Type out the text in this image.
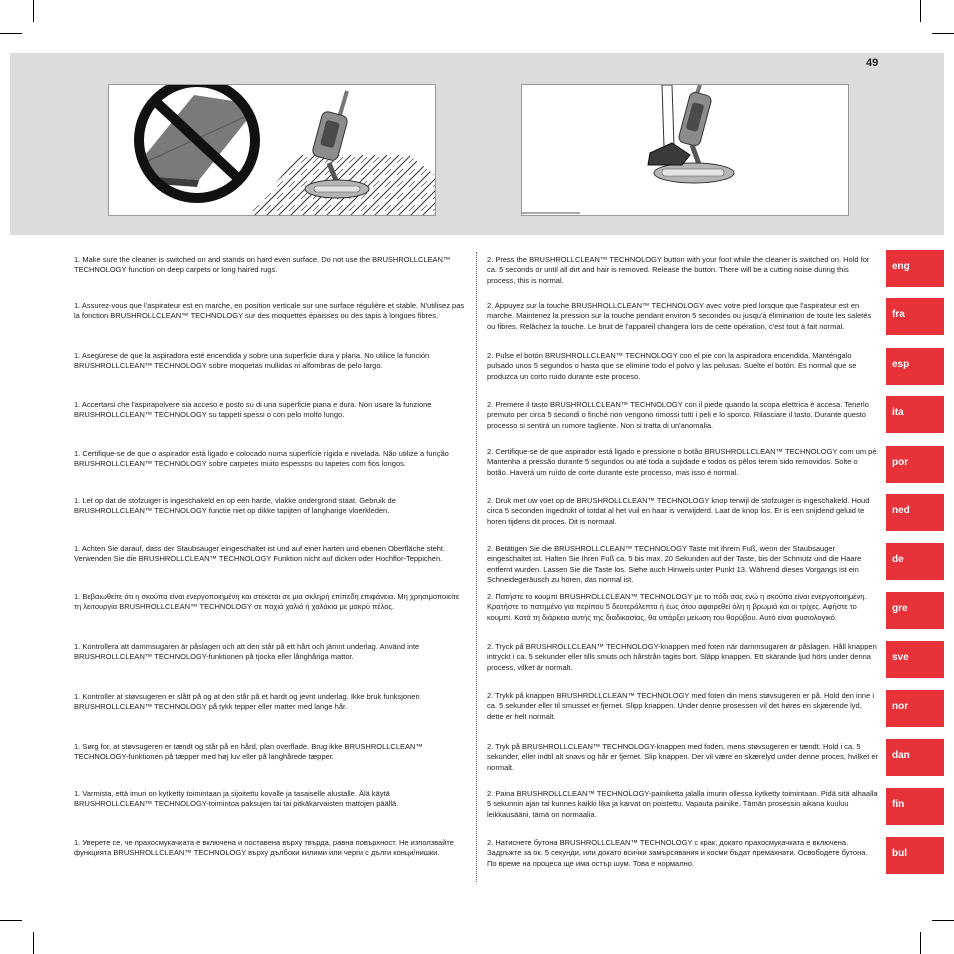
49
1. Make sure the cleaner is switched on and stands on hard even surface. Do not use the BRUSHROLLCLEAN™ TECHNOLOGY function on deep carpets or long haired rugs.
1. Assurez-vous que l'aspirateur est en marche, en position verticale sur une surface régulière et stable. N'utilisez pas la fonction BRUSHROLLCLEAN™ TECHNOLOGY sur des moquettes épaisses ou des tapis à longues fibres.
1. Asegúrese de que la aspiradora esté encendida y sobre una superficie dura y plana. No utilice la función BRUSHROLLCLEAN™ TECHNOLOGY sobre moquetas mullidas ni alfombras de pelo largo.
1. Accertarsi che l'aspirapolvere sia acceso e posto su di una superficie piana e dura. Non usare la funzione BRUSHROLLCLEAN™ TECHNOLOGY su tappeti spessi o con pelo molto lungo.
1. Certifique-se de que o aspirador está ligado e colocado numa superfície rígida e nivelada. Não utilize a função BRUSHROLLCLEAN™ TECHNOLOGY sobre carpetes muito espessos ou tapetes com fios longos.
1. Let op dat de stofzuiger is ingeschakeld en op een harde, vlakke ondergrond staat. Gebruik de BRUSHROLLCLEAN™ TECHNOLOGY functie niet op dikke tapijten of langharige vloerkleden.
1. Achten Sie darauf, dass der Staubsauger eingeschaltet ist und auf einer harten und ebenen Oberfläche steht. Verwenden Sie die BRUSHROLLCLEAN™ TECHNOLOGY Funktion nicht auf dicken oder Hochflor-Teppichen.
1. Βεβαιωθείτε ότι η σκούπα είναι ενεργοποιημένη και στέκεται σε μια σκληρή επίπεδη επιφάνεια. Μη χρησιμοποιείτε τη λειτουργία BRUSHROLLCLEAN™ TECHNOLOGY σε παχιά χαλιά ή χαλάκια με μακρύ πέλος.
1. Kontrollera att dammsugaren är påslagen och att den står på ett hårt och jämnt underlag. Använd inte BRUSHROLLCLEAN™ TECHNOLOGY-funktionen på tjocka eller långhåriga mattor.
1. Kontroller at støvsugeren er slått på og at den står på et hardt og jevnt underlag. Ikke bruk funksjonen BRUSHROLLCLEAN™ TECHNOLOGY på tykk tepper eller matter med lange hår.
1. Sørg for, at støvsugeren er tændt og står på en hård, plan overflade. Brug ikke BRUSHROLLCLEAN™ TECHNOLOGY-funktionen på tæpper med høj luv eller på langhårede tæpper.
1. Varmista, että imuri on kytketty toimintaan ja sijoitettu kovalle ja tasaiselle alustalle. Älä käytä BRUSHROLLCLEAN™ TECHNOLOGY-toimintoa paksujen tai tai pitkäkarvaisten mattojen päällä.
1. Уверете се, че прахосмукачката е включена и поставена върху твърда, равна повърхност. Не използвайте функцията BRUSHROLLCLEAN™ TECHNOLOGY върху дълбоки килими или черги с дълги конци/нишки.
2. Press the BRUSHROLLCLEAN™ TECHNOLOGY button with your foot while the cleaner is switched on. Hold for ca. 5 seconds or until all dirt and hair is removed. Release the button. There will be a cutting noise during this process, this is normal.
2. Appuyez sur la touche BRUSHROLLCLEAN™ TECHNOLOGY avec votre pied lorsque que l'aspirateur est en marche. Maintenez la pression sur la touche pendant environ 5 secondes ou jusqu'à élimination de toute les saletés ou fibres. Relâchez la touche. Le bruit de l'appareil changera lors de cette opération, c'est tout à fait normal.
2. Pulse el botón BRUSHROLLCLEAN™ TECHNOLOGY con el pie con la aspiradora encendida. Manténgalo pulsado unos 5 segundos o hasta que se elimine todo el polvo y las pelusas. Suelte el botón. Es normal que se produzca un corto ruido durante este proceso.
2. Premere il tasto BRUSHROLLCLEAN™ TECHNOLOGY con il piede quando la scopa elettrica è accesa. Tenerlo premuto per circa 5 secondi o finché non vengono rimossi tutti i peli e lo sporco. Rilasciare il tasto. Durante questo processo si sentirà un rumore tagliente. Non si tratta di un'anomalia.
2. Certifique-se de que aspirador está ligado e pressione o botão BRUSHROLLCLEAN™ TECHNOLOGY com um pé. Mantenha a pressão durante 5 segundos ou até toda a sujidade e todos os pêlos terem sido removidos. Solte o botão. Haverá um ruído de corte durante este processo, mas isso é normal.
2. Druk met uw voet op de BRUSHROLLCLEAN™ TECHNOLOGY knop terwijl de stofzuiger is ingeschakeld. Houd circa 5 seconden ingedrukt of totdat al het vuil en haar is verwijderd. Laat de knop los. Er is een snijdend geluid te horen tijdens dit proces. Dit is normaal.
2. Betätigen Sie die BRUSHROLLCLEAN™ TECHNOLOGY Taste mit Ihrem Fuß, wenn der Staubsauger eingeschaltet ist. Halten Sie Ihren Fuß ca. 5 bis max. 20 Sekunden auf der Taste, bis der Schmutz und die Haare entfernt wurden. Lassen Sie die Taste los. Siehe auch Hinweis unter Punkt 13. Während dieses Vorgangs ist ein Schneidegeräusch zu hören, das normal ist.
2. Πατήστε το κουμπί BRUSHROLLCLEAN™ TECHNOLOGY με το πόδι σας ενώ η σκούπα είναι ενεργοποιημένη. Κρατήστε το πατημένο για περίπου 5 δευτερόλεπτα ή έως ότου αφαιρεθεί όλη η βρωμιά και οι τρίχες. Αφήστε το κουμπί. Κατά τη διάρκεια αυτής της διαδικασίας, θα υπάρξει μείωση του θορύβου. Αυτό είναι φυσιολογικό.
2. Tryck på BRUSHROLLCLEAN™ TECHNOLOGY-knappen med foten när dammsugaren är påslagen. Håll knappen intryckt i ca. 5 sekunder eller tills smuts och hårstrån tagits bort. Släpp knappen. Ett skärande ljud hörs under denna process, vilket är normalt.
2. Trykk på knappen BRUSHROLLCLEAN™ TECHNOLOGY med foten din mens støvsugeren er på. Hold den inne i ca. 5 sekunder eller til smusset er fjernet. Slipp knappen. Under denne prosessen vil det høres en skjærende lyd, dette er helt normalt.
2. Tryk på BRUSHROLLCLEAN™ TECHNOLOGY-knappen med foden, mens støvsugeren er tændt. Hold i ca. 5 sekunder, eller indtil alt snavs og hår er fjernet. Slip knappen. Der vil være en skærelyd under denne proces, hvilket er normalt.
2. Paina BRUSHROLLCLEAN™ TECHNOLOGY-painiketta jalalla imurin ollessa kytketty toimintaan. Pidä sitä alhaalla 5 sekunnin ajan tai kunnes kaikki lika ja karvat on poistettu. Vapauta painike. Tämän prosessin aikana kuuluu leikkausääni, tämä on normaalia.
2. Натиснете бутона BRUSHROLLCLEAN™ TECHNOLOGY с крак, докато прахосмукачката е включена. Задръжте за ок. 5 секунди, или докато всички замърсявания и косми бъдат премахнати. Освободете бутона. По време на процеса ще има остър шум. Това е нормално.
eng
fra
esp
ita
por
ned
de
gre
sve
nor
dan
fin
bul
